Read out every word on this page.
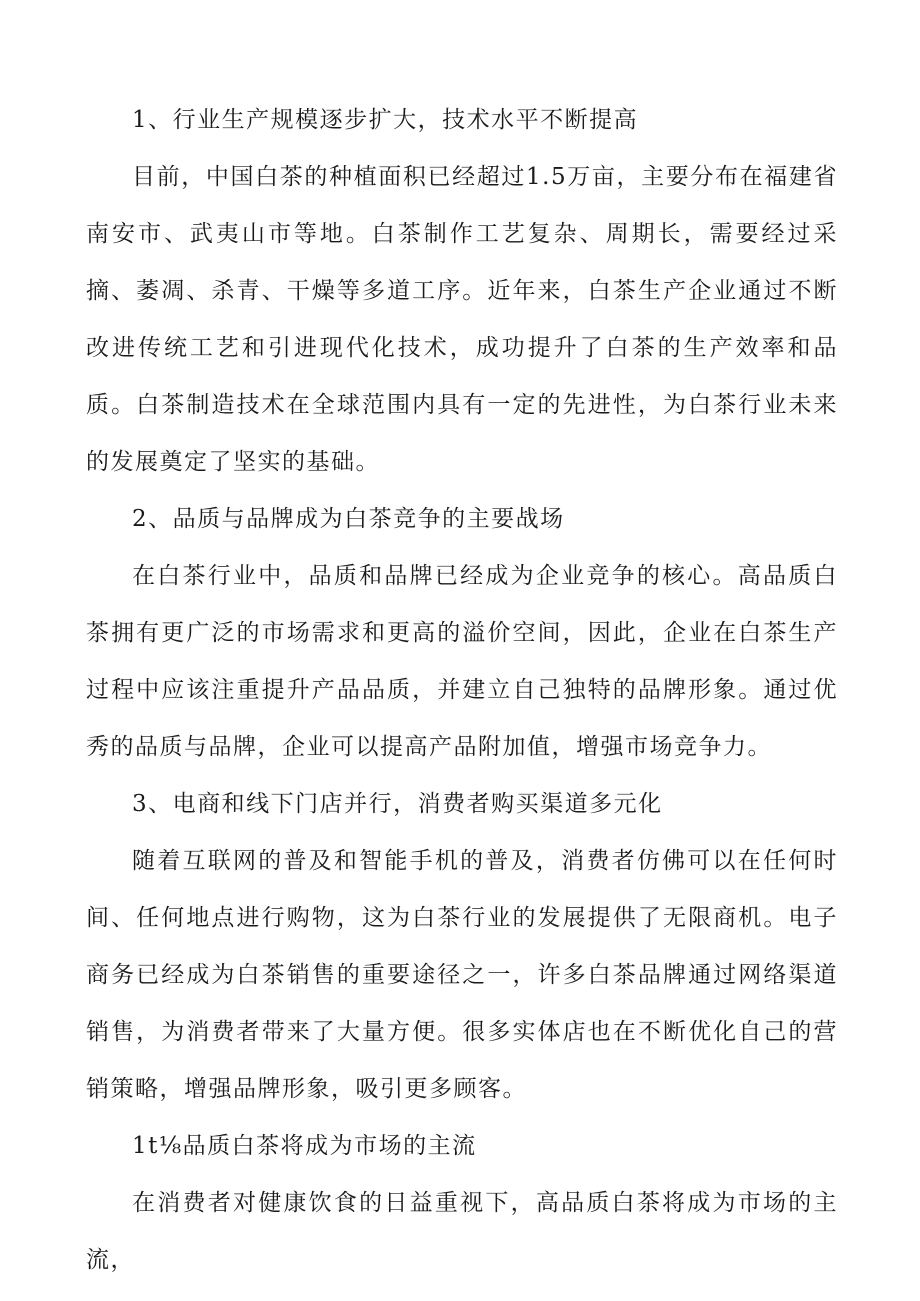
1、行业生产规模逐步扩大，技术水平不断提高

目前，中国白茶的种植面积已经超过1.5万亩，主要分布在福建省南安市、武夷山市等地。白茶制作工艺复杂、周期长，需要经过采摘、萎凋、杀青、干燥等多道工序。近年来，白茶生产企业通过不断改进传统工艺和引进现代化技术，成功提升了白茶的生产效率和品质。白茶制造技术在全球范围内具有一定的先进性，为白茶行业未来的发展奠定了坚实的基础。

2、品质与品牌成为白茶竞争的主要战场

在白茶行业中，品质和品牌已经成为企业竞争的核心。高品质白茶拥有更广泛的市场需求和更高的溢价空间，因此，企业在白茶生产过程中应该注重提升产品品质，并建立自己独特的品牌形象。通过优秀的品质与品牌，企业可以提高产品附加值，增强市场竞争力。

3、电商和线下门店并行，消费者购买渠道多元化

随着互联网的普及和智能手机的普及，消费者仿佛可以在任何时间、任何地点进行购物，这为白茶行业的发展提供了无限商机。电子商务已经成为白茶销售的重要途径之一，许多白茶品牌通过网络渠道销售，为消费者带来了大量方便。很多实体店也在不断优化自己的营销策略，增强品牌形象，吸引更多顾客。

1t⅛品质白茶将成为市场的主流

在消费者对健康饮食的日益重视下，高品质白茶将成为市场的主流，
